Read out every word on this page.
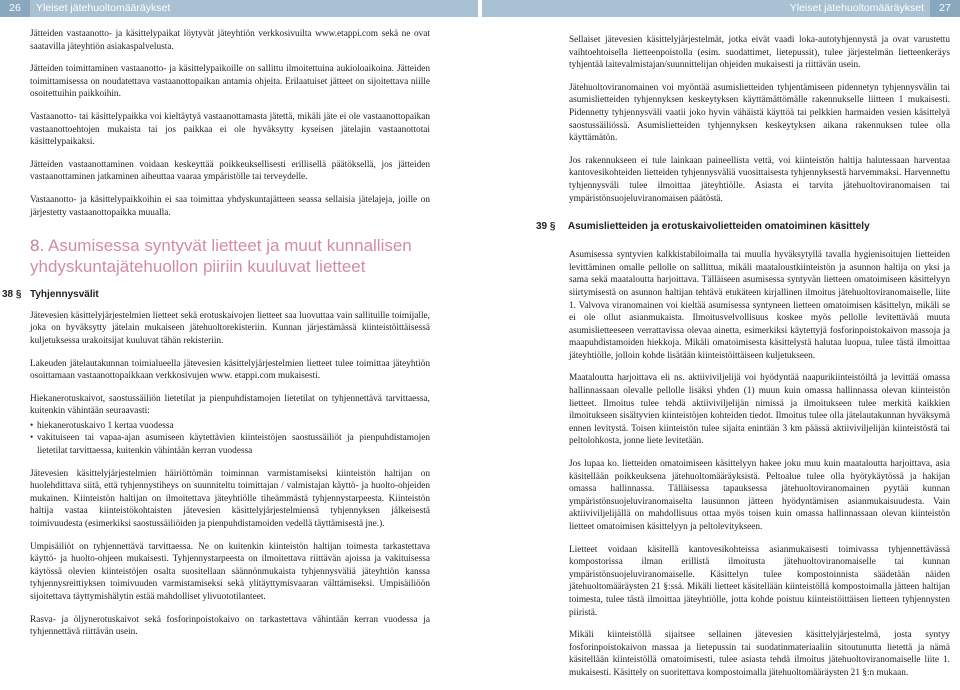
26	Yleiset jätehuoltomääräykset	Yleiset jätehuoltomääräykset	27

Jätteiden vastaanotto- ja käsittelypaikat löytyvät jäteyhtiön verkkosivuilta www.etappi.com sekä ne ovat saatavilla jäteyhtiön asiakaspalvelusta.

Jätteiden toimittaminen vastaanotto- ja käsittelypaikoille on sallittu ilmoitettuina aukioloaikoina. Jätteiden toimittamisessa on noudatettava vastaanottopaikan antamia ohjeita. Erilaatuiset jätteet on sijoitettava niille osoitettuihin paikkoihin.

Vastaanotto- tai käsittelypaikka voi kieltäytyä vastaanottamasta jätettä, mikäli jäte ei ole vastaanottopaikan vastaanottoehtojen mukaista tai jos paikkaa ei ole hyväksytty kyseisen jätelajin vastaanottotai käsittelypaikaksi.

Jätteiden vastaanottaminen voidaan keskeyttää poikkeuksellisesti erillisellä päätöksellä, jos jätteiden vastaanottaminen jatkaminen aiheuttaa vaaraa ympäristölle tai terveydelle.

Vastaanotto- ja käsittelypaikkoihin ei saa toimittaa yhdyskuntajätteen seassa sellaisia jätelajeja, joille on järjestetty vastaanottopaikka muualla.

8. Asumisessa syntyvät lietteet ja muut kunnallisen yhdyskuntajätehuollon piiriin kuuluvat lietteet
38 § Tyhjennysvälit

Jätevesien käsittelyjärjestelmien lietteet sekä erotuskaivojen lietteet saa luovuttaa vain sallituille toimijalle, joka on hyväksytty jätelain mukaiseen jätehuoltorekisteriin. Kunnan järjestämässä kiinteistöittäisessä kuljetuksessa urakoitsijat kuuluvat tähän rekisteriin.

Lakeuden jätelautakunnan toimialueella jätevesien käsittelyjärjestelmien lietteet tulee toimittaa jäteyhtiön osoittamaan vastaanottopaikkaan verkkosivujen www. etappi.com mukaisesti.

Hiekanerotuskaivot, saostussäiliön lietetilat ja pienpuhdistamojen lietetilat on tyhjennettävä tarvittaessa, kuitenkin vähintään seuraavasti:

• hiekanerotuskaivo 1 kertaa vuodessa
• vakituiseen tai vapaa-ajan asumiseen käytettävien kiinteistöjen saostussäiliöt ja pienpuhdistamojen lietetilat tarvittaessa, kuitenkin vähintään kerran vuodessa

Jätevesien käsittelyjärjestelmien häiriöttömän toiminnan varmistamiseksi kiinteistön haltijan on huolehdittava siitä, että tyhjennystiheys on suunniteltu toimittajan / valmistajan käyttö- ja huolto-ohjeiden mukainen. Kiinteistön haltijan on ilmoitettava jäteyhtiölle tiheämmästä tyhjennystarpeesta. Kiinteistön haltija vastaa kiinteistökohtaisten jätevesien käsittelyjärjestelmiensä tyhjennyksen jälkeisestä toimivuudesta (esimerkiksi saostussäiliöiden ja pienpuhdistamoiden vedellä täyttämisestä jne.).

Umpisäiliöt on tyhjennettävä tarvittaessa. Ne on kuitenkin kiinteistön haltijan toimesta tarkastettava käyttö- ja huolto-ohjeen mukaisesti. Tyhjennystarpeesta on ilmoitettava riittävän ajoissa ja vakituisessa käytössä olevien kiinteistöjen osalta suositellaan säännönmukaista tyhjennysväliä jäteyhtiön kanssa tyhjennysreittiyksen toimivuuden varmistamiseksi sekä ylitäyttymisvaaran välttämiseksi. Umpisäiliöön sijoitettava täyttymishälytin estää mahdolliset ylivuototilanteet.

Rasva- ja öljynerotuskaivot sekä fosforinpoistokaivo on tarkastettava vähintään kerran vuodessa ja tyhjennettävä riittävän usein.

Sellaiset jätevesien käsittelyjärjestelmät, jotka eivät vaadi loka-autotyhjennystä ja ovat varustettu vaihtoehtoisella lietteenpoistolla (esim. suodattimet, lietepussit), tulee järjestelmän lietteenkeräys tyhjentää laitevalmistajan/suunnittelijan ohjeiden mukaisesti ja riittävän usein.

Jätehuoltoviranomainen voi myöntää asumislietteiden tyhjentämiseen pidennetyn tyhjennysvälin tai asumislietteiden tyhjennyksen keskeytyksen käyttämättömälle rakennukselle liitteen 1 mukaisesti. Pidennetty tyhjennysväli vaatii joko hyvin vähäistä käyttöä tai pelkkien harmaiden vesien käsittelyä saostussäiliössä. Asumislietteiden tyhjennyksen keskeytyksen aikana rakennuksen tulee olla käyttämätön.

Jos rakennukseen ei tule lainkaan paineellista vettä, voi kiinteistön haltija halutessaan harventaa kantovesikohteiden lietteiden tyhjennysväliä vuosittaisesta tyhjennyksestä harvemmaksi. Harvennettu tyhjennysväli tulee ilmoittaa jäteyhtiölle. Asiasta ei tarvita jätehuoltoviranomaisen tai ympäristönsuojeluviranomaisen päätöstä.

Asumisessa syntyvien kalkkistabiloimalla tai muulla hyväksytyllä tavalla hygienisoitujen lietteiden levittäminen omalle pellolle on sallittua, mikäli maataloustkiinteistön ja asunnon haltija on yksi ja sama sekä maataloutta harjoittava. Tälläiseen asumisessa syntyvän lietteen omatoimiseen käsittelyyn siirtymisestä on asunnon haltijan tehtävä etukäteen kirjallinen ilmoitus jätehuoltoviranomaiselle, liite 1. Valvova viranomainen voi kieltää asumisessa syntyneen lietteen omatoimisen käsittelyn, mikäli se ei ole ollut asianmukaista. Ilmoitusvelvollisuus koskee myös pellolle levitettävää muuta asumislietteeseen verrattavissa olevaa ainetta, esimerkiksi käytettyjä fosforinpoistokaivon massoja ja maapuhdistamoiden hiekkoja. Mikäli omatoimisesta käsittelystä halutaa luopua, tulee tästä ilmoittaa jäteyhtiölle, jolloin kohde lisätään kiinteistöittäiseen kuljetukseen.

Maataloutta harjoittava eli ns. aktiiviviljelijä voi hyödyntää naapurikiinteistöiltä ja levittää omassa hallinnassaan olevalle pellolle lisäksi yhden (1) muun kuin omassa hallinnassa olevan kiinteistön lietteet. Ilmoitus tulee tehdä aktiiviviljelijän nimissä ja ilmoitukseen tulee merkitä kaikkien ilmoitukseen sisältyvien kiinteistöjen kohteiden tiedot. Ilmoitus tulee olla jätelautakunnan hyväksymä ennen levitystä. Toisen kiinteistön tulee sijaita enintään 3 km päässä aktiiviviljelijän kiinteistöstä tai peltolohkosta, jonne liete levitetään.

Jos lupaa ko. lietteiden omatoimiseen käsittelyyn hakee joku muu kuin maataloutta harjoittava, asia käsitellään poikkeuksena jätehuoltomääräyksistä. Peltoalue tulee olla hyötykäytössä ja hakijan omassa hallinnassa. Tälläisessa tapauksessa jätehuoltoviranomainen pyytää kunnan ympäristönsuojeluviranomaiselta lausunnon jätteen hyödyntämisen asianmukaisuudesta. Vain aktiiviviljelijällä on mahdollisuus ottaa myös toisen kuin omassa hallinnassaan olevan kiinteistön lietteet omatoimisen käsittelyyn ja peltolevitykseen.

Lietteet voidaan käsitellä kantovesikohteissa asianmukaisesti toimivassa tyhjennettävässä kompostorissa ilman erillistä ilmoitusta jätehuoltoviranomaiselle tai kunnan ympäristönsuojeluviranomaiselle. Käsittelyn tulee kompostoinnista säädetään näiden jätehuoltomääräysten 21 §:ssä. Mikäli lietteet käsitellään kiinteistöllä kompostoimalla jätteen haltijan toimesta, tulee tästä ilmoittaa jäteyhtiölle, jotta kohde poistuu kiinteistöittäisen lietteen tyhjennysten piiristä.

Mikäli kiinteistöllä sijaitsee sellainen jätevesien käsittelyjärjestelmä, josta syntyy fosforinpoistokaivon massaa ja lietepussin tai suodatinmateriaaliin sitoutunutta lietettä ja nämä käsitellään kiinteistöllä omatoimisesti, tulee asiasta tehdä ilmoitus jätehuoltoviranomaiselle liite 1. mukaisesti. Käsittely on suoritettava kompostoimalla jätehuoltomääräysten 21 §:n mukaan.

39 § Asumislietteiden ja erotuskaivolietteiden omatoiminen käsittely
